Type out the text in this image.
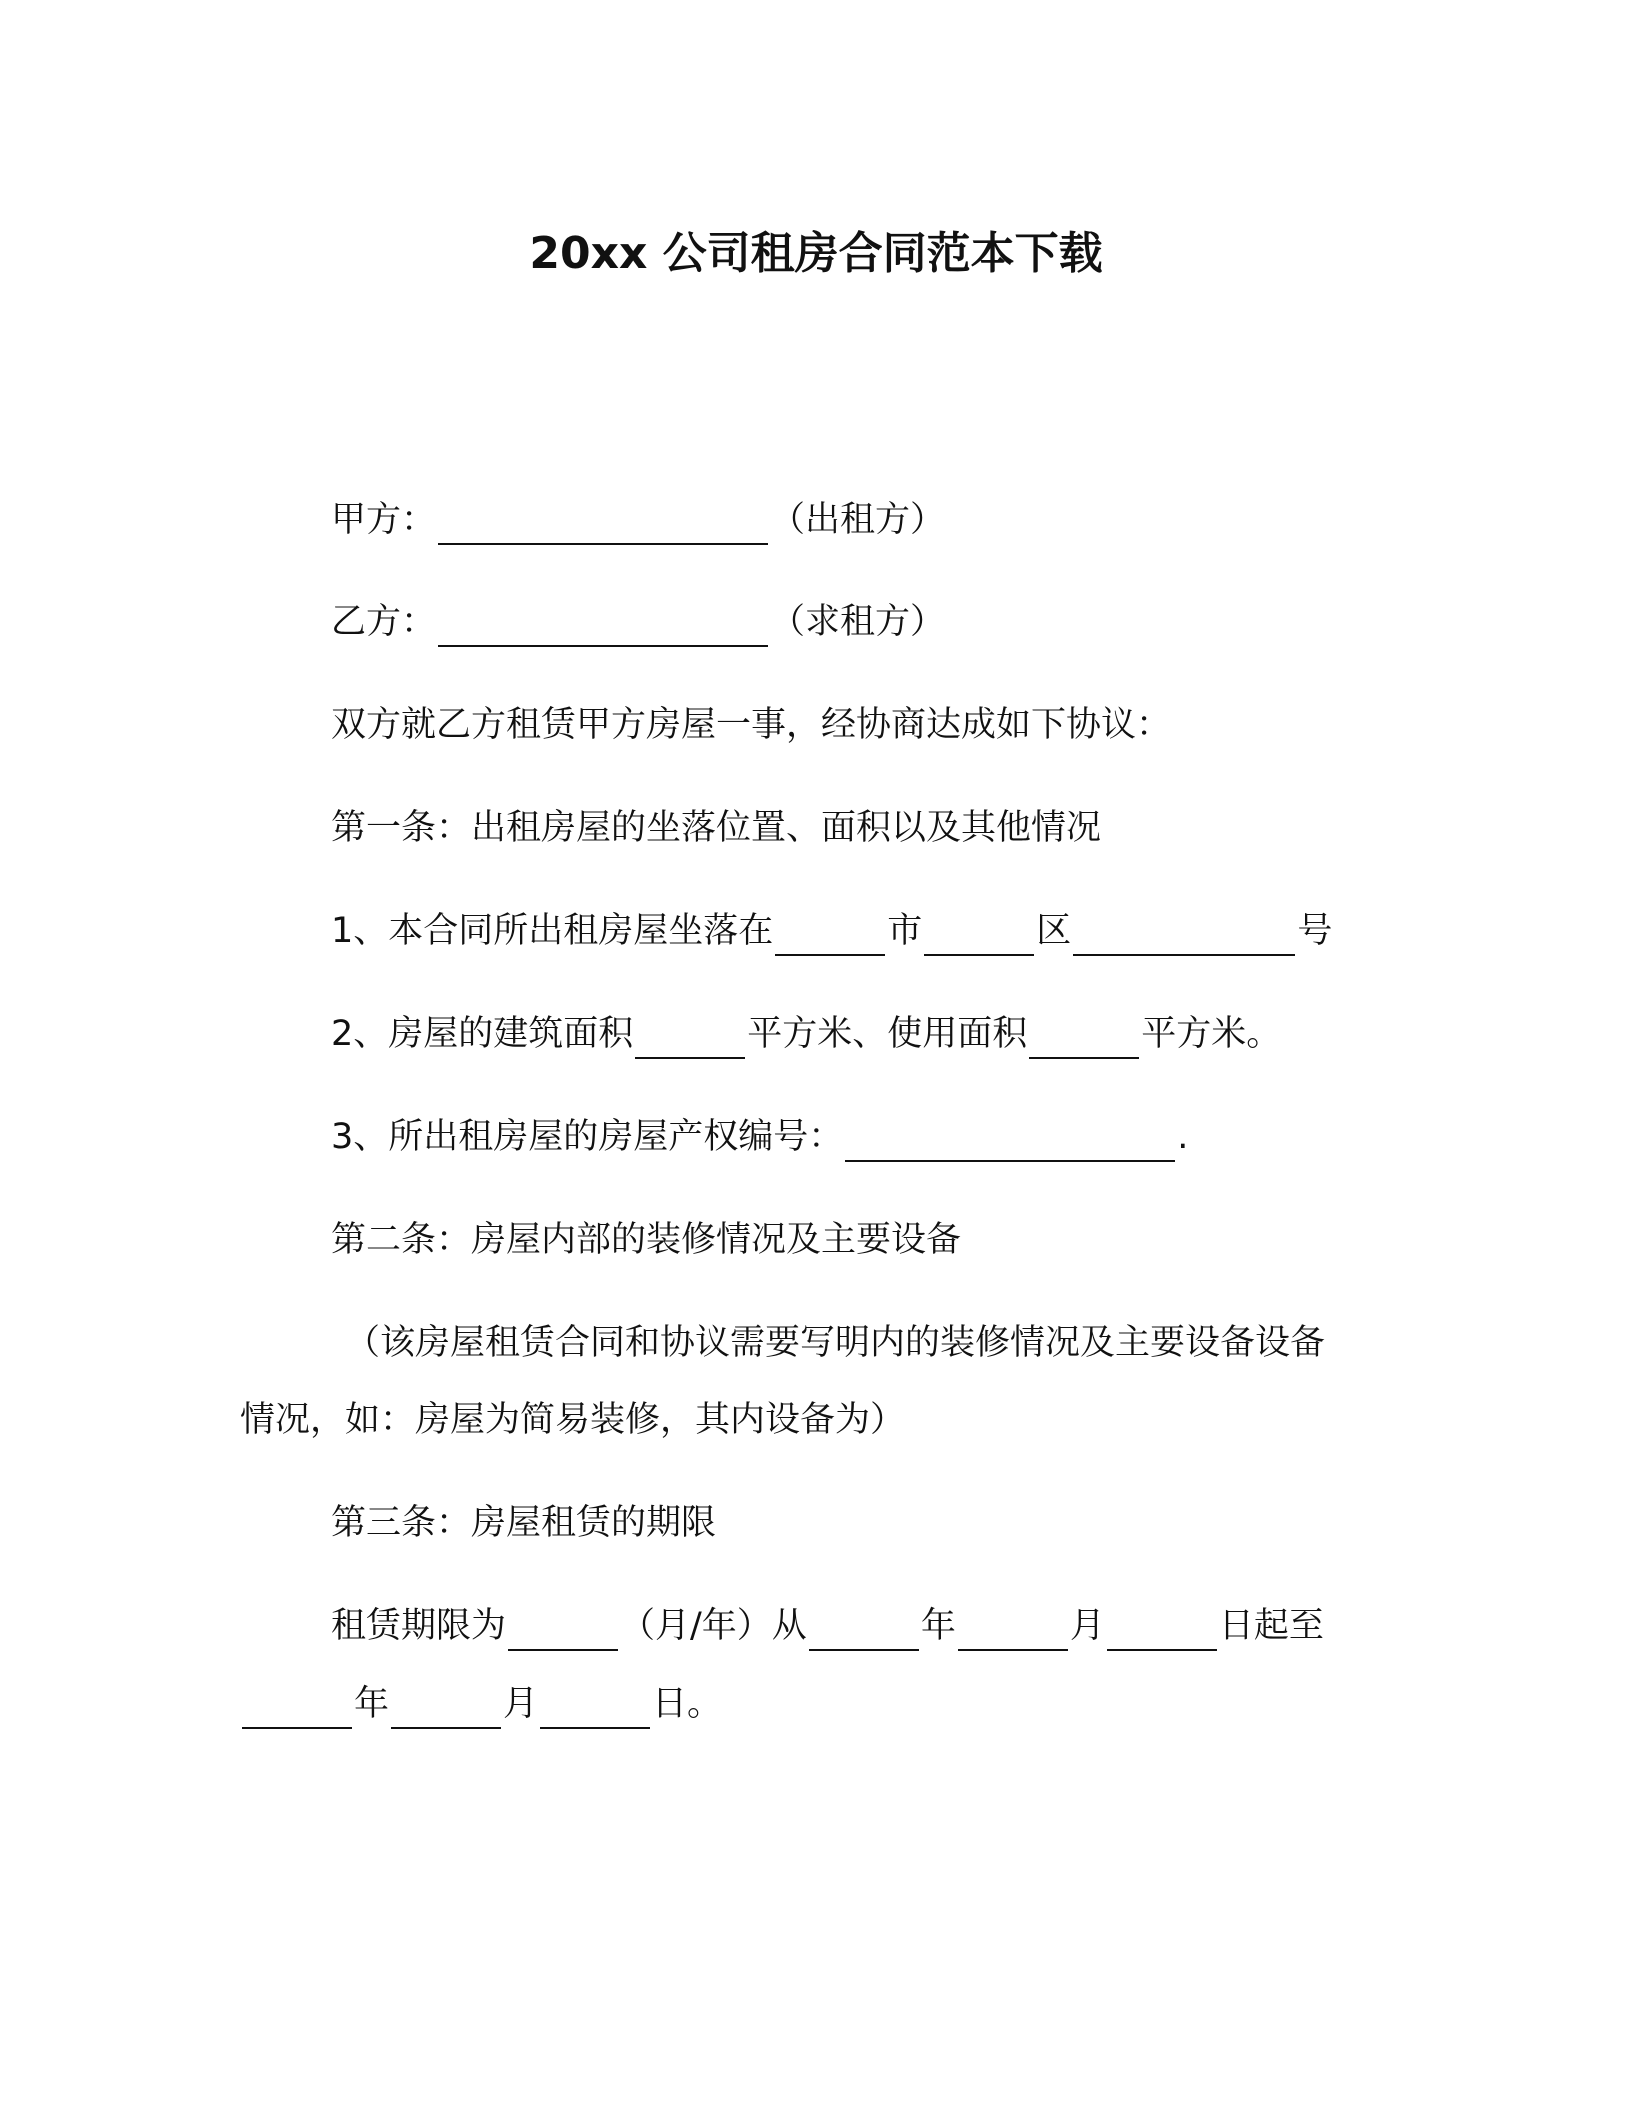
20xx 公司租房合同范本下载
甲方：	（出租方）
乙方：	（求租方）
双方就乙方租赁甲方房屋一事，经协商达成如下协议：
第一条：出租房屋的坐落位置、面积以及其他情况
1、本合同所出租房屋坐落在	市	区	号
2、房屋的建筑面积	平方米、使用面积	平方米。
3、所出租房屋的房屋产权编号：	.
第二条：房屋内部的装修情况及主要设备
（该房屋租赁合同和协议需要写明内的装修情况及主要设备设备
情况，如：房屋为简易装修，其内设备为）
第三条：房屋租赁的期限
租赁期限为	（月/年）从	年	月	日起至
年	月	日。
